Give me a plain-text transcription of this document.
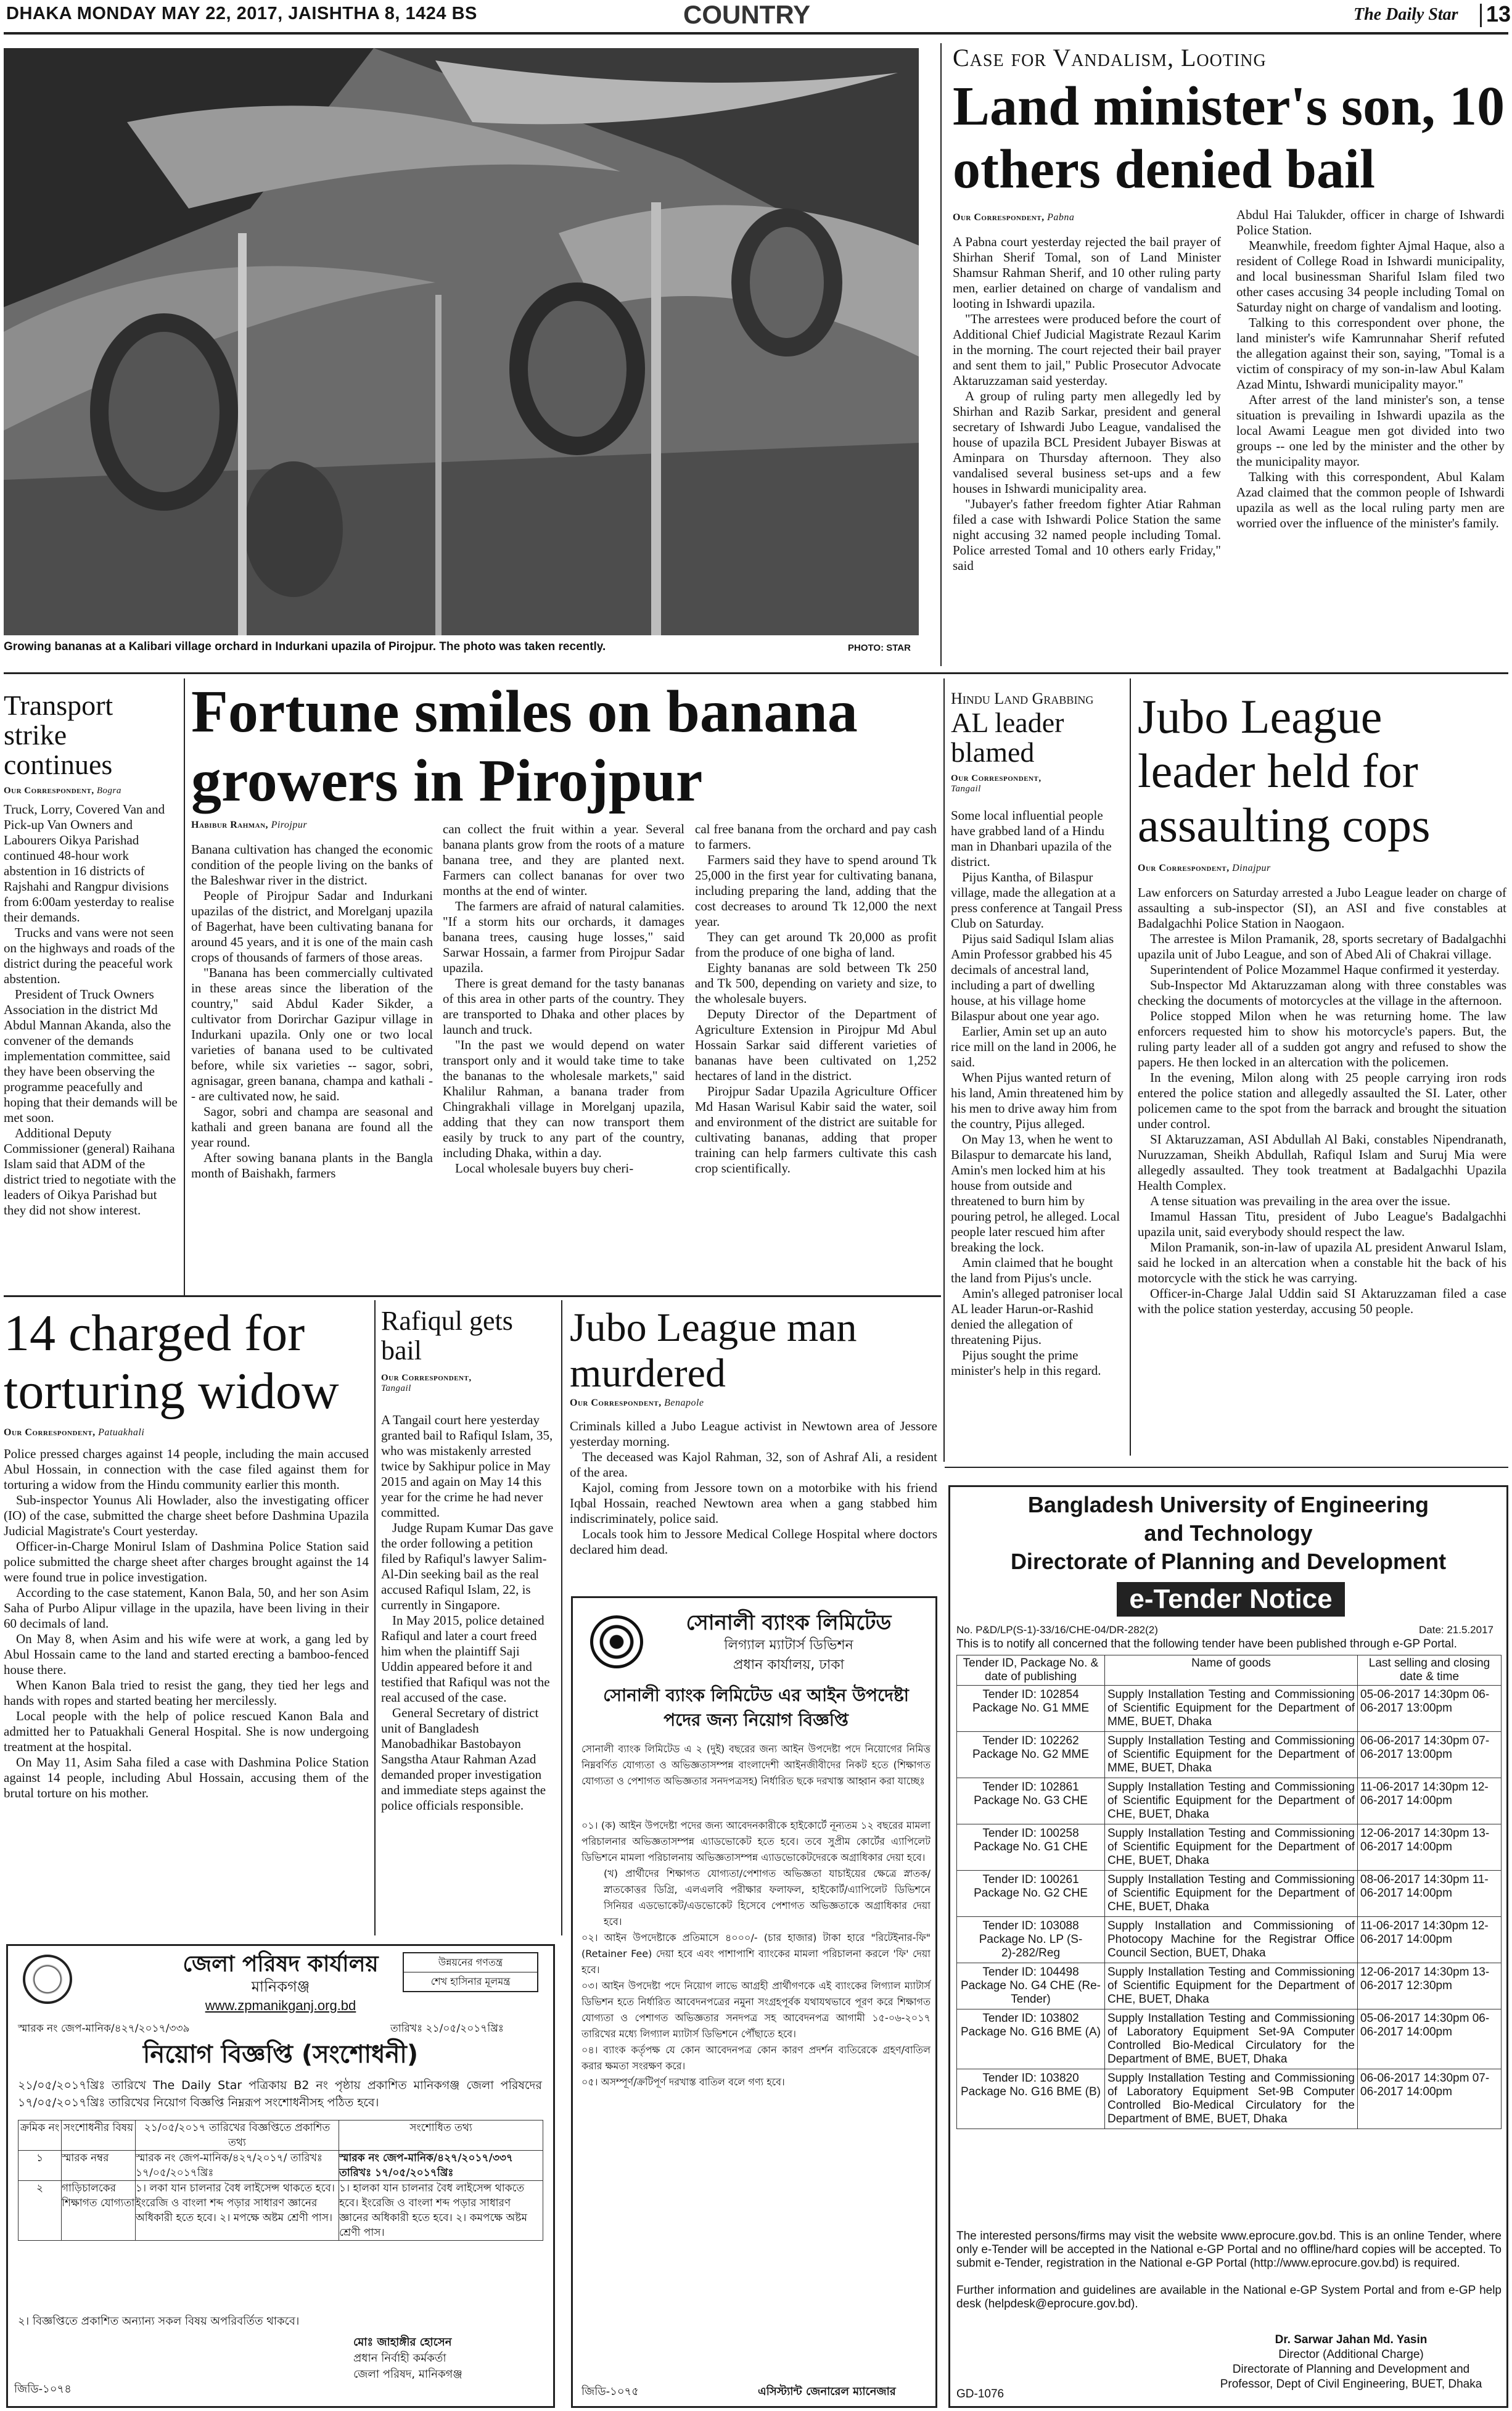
DHAKA MONDAY MAY 22, 2017, JAISHTHA 8, 1424 BS	COUNTRY	The Daily Star 13
Growing bananas at a Kalibari village orchard in Indurkani upazila of Pirojpur. The photo was taken recently.	PHOTO: STAR
Case for Vandalism, Looting
Land minister's son, 10 others denied bail
Our Correspondent, Pabna

A Pabna court yesterday rejected the bail prayer of Shirhan Sherif Tomal, son of Land Minister Shamsur Rahman Sherif, and 10 other ruling party men, earlier detained on charge of vandalism and looting in Ishwardi upazila.

"The arrestees were produced before the court of Additional Chief Judicial Magistrate Rezaul Karim in the morning. The court rejected their bail prayer and sent them to jail," Public Prosecutor Advocate Aktaruzzaman said yesterday.

A group of ruling party men allegedly led by Shirhan and Razib Sarkar, president and general secretary of Ishwardi Jubo League, vandalised the house of upazila BCL President Jubayer Biswas at Aminpara on Thursday afternoon. They also vandalised several business set-ups and a few houses in Ishwardi municipality area.

"Jubayer's father freedom fighter Atiar Rahman filed a case with Ishwardi Police Station the same night accusing 32 named people including Tomal. Police arrested Tomal and 10 others early Friday," said

Abdul Hai Talukder, officer in charge of Ishwardi Police Station.

Meanwhile, freedom fighter Ajmal Haque, also a resident of College Road in Ishwardi municipality, and local businessman Shariful Islam filed two other cases accusing 34 people including Tomal on Saturday night on charge of vandalism and looting.

Talking to this correspondent over phone, the land minister's wife Kamrunnahar Sherif refuted the allegation against their son, saying, "Tomal is a victim of conspiracy of my son-in-law Abul Kalam Azad Mintu, Ishwardi municipality mayor."

After arrest of the land minister's son, a tense situation is prevailing in Ishwardi upazila as the local Awami League men got divided into two groups -- one led by the minister and the other by the municipality mayor.

Talking with this correspondent, Abul Kalam Azad claimed that the common people of Ishwardi upazila as well as the local ruling party men are worried over the influence of the minister's family.

Transport strike continues
Our Correspondent, Bogra

Truck, Lorry, Covered Van and Pick-up Van Owners and Labourers Oikya Parishad continued 48-hour work abstention in 16 districts of Rajshahi and Rangpur divisions from 6:00am yesterday to realise their demands.

Trucks and vans were not seen on the highways and roads of the district during the peaceful work abstention.

President of Truck Owners Association in the district Md Abdul Mannan Akanda, also the convener of the demands implementation committee, said they have been observing the programme peacefully and hoping that their demands will be met soon.

Additional Deputy Commissioner (general) Raihana Islam said that ADM of the district tried to negotiate with the leaders of Oikya Parishad but they did not show interest.

Fortune smiles on banana growers in Pirojpur
Habibur Rahman, Pirojpur

Banana cultivation has changed the economic condition of the people living on the banks of the Baleshwar river in the district.

People of Pirojpur Sadar and Indurkani upazilas of the district, and Morelganj upazila of Bagerhat, have been cultivating banana for around 45 years, and it is one of the main cash crops of thousands of farmers of those areas.

"Banana has been commercially cultivated in these areas since the liberation of the country," said Abdul Kader Sikder, a cultivator from Dorirchar Gazipur village in Indurkani upazila. Only one or two local varieties of banana used to be cultivated before, while six varieties -- sagor, sobri, agnisagar, green banana, champa and kathali -- are cultivated now, he said.

Sagor, sobri and champa are seasonal and kathali and green banana are found all the year round.

After sowing banana plants in the Bangla month of Baishakh, farmers

can collect the fruit within a year. Several banana plants grow from the roots of a mature banana tree, and they are planted next. Farmers can collect bananas for over two months at the end of winter.

The farmers are afraid of natural calamities. "If a storm hits our orchards, it damages banana trees, causing huge losses," said Sarwar Hossain, a farmer from Pirojpur Sadar upazila.

There is great demand for the tasty bananas of this area in other parts of the country. They are transported to Dhaka and other places by launch and truck.

"In the past we would depend on water transport only and it would take time to take the bananas to the wholesale markets," said Khalilur Rahman, a banana trader from Chingrakhali village in Morelganj upazila, adding that they can now transport them easily by truck to any part of the country, including Dhaka, within a day.

Local wholesale buyers buy cheri-

cal free banana from the orchard and pay cash to farmers.

Farmers said they have to spend around Tk 25,000 in the first year for cultivating banana, including preparing the land, adding that the cost decreases to around Tk 12,000 the next year.

They can get around Tk 20,000 as profit from the produce of one bigha of land.

Eighty bananas are sold between Tk 250 and Tk 500, depending on variety and size, to the wholesale buyers.

Deputy Director of the Department of Agriculture Extension in Pirojpur Md Abul Hossain Sarkar said different varieties of bananas have been cultivated on 1,252 hectares of land in the district.

Pirojpur Sadar Upazila Agriculture Officer Md Hasan Warisul Kabir said the water, soil and environment of the district are suitable for cultivating bananas, adding that proper training can help farmers cultivate this cash crop scientifically.

Hindu Land Grabbing
AL leader blamed
Our Correspondent,
Tangail

Some local influential people have grabbed land of a Hindu man in Dhanbari upazila of the district.

Pijus Kantha, of Bilaspur village, made the allegation at a press conference at Tangail Press Club on Saturday.

Pijus said Sadiqul Islam alias Amin Professor grabbed his 45 decimals of ancestral land, including a part of dwelling house, at his village home Bilaspur about one year ago.

Earlier, Amin set up an auto rice mill on the land in 2006, he said.

When Pijus wanted return of his land, Amin threatened him by his men to drive away him from the country, Pijus alleged.

On May 13, when he went to Bilaspur to demarcate his land, Amin's men locked him at his house from outside and threatened to burn him by pouring petrol, he alleged. Local people later rescued him after breaking the lock.

Amin claimed that he bought the land from Pijus's uncle.

Amin's alleged patroniser local AL leader Harun-or-Rashid denied the allegation of threatening Pijus.

Pijus sought the prime minister's help in this regard.

Jubo League leader held for assaulting cops
Our Correspondent, Dinajpur

Law enforcers on Saturday arrested a Jubo League leader on charge of assaulting a sub-inspector (SI), an ASI and five constables at Badalgachhi Police Station in Naogaon.

The arrestee is Milon Pramanik, 28, sports secretary of Badalgachhi upazila unit of Jubo League, and son of Abed Ali of Chakrai village.

Superintendent of Police Mozammel Haque confirmed it yesterday.

Sub-Inspector Md Aktaruzzaman along with three constables was checking the documents of motorcycles at the village in the afternoon.

Police stopped Milon when he was returning home. The law enforcers requested him to show his motorcycle's papers. But, the ruling party leader all of a sudden got angry and refused to show the papers. He then locked in an altercation with the policemen.

In the evening, Milon along with 25 people carrying iron rods entered the police station and allegedly assaulted the SI. Later, other policemen came to the spot from the barrack and brought the situation under control.

SI Aktaruzzaman, ASI Abdullah Al Baki, constables Nipendranath, Nuruzzaman, Sheikh Abdullah, Rafiqul Islam and Suruj Mia were allegedly assaulted. They took treatment at Badalgachhi Upazila Health Complex.

A tense situation was prevailing in the area over the issue.

Imamul Hassan Titu, president of Jubo League's Badalgachhi upazila unit, said everybody should respect the law.

Milon Pramanik, son-in-law of upazila AL president Anwarul Islam, said he locked in an altercation when a constable hit the back of his motorcycle with the stick he was carrying.

Officer-in-Charge Jalal Uddin said SI Aktaruzzaman filed a case with the police station yesterday, accusing 50 people.

14 charged for torturing widow
Our Correspondent, Patuakhali

Police pressed charges against 14 people, including the main accused Abul Hossain, in connection with the case filed against them for torturing a widow from the Hindu community earlier this month.

Sub-inspector Younus Ali Howlader, also the investigating officer (IO) of the case, submitted the charge sheet before Dashmina Upazila Judicial Magistrate's Court yesterday.

Officer-in-Charge Monirul Islam of Dashmina Police Station said police submitted the charge sheet after charges brought against the 14 were found true in police investigation.

According to the case statement, Kanon Bala, 50, and her son Asim Saha of Purbo Alipur village in the upazila, have been living in their 60 decimals of land.

On May 8, when Asim and his wife were at work, a gang led by Abul Hossain came to the land and started erecting a bamboo-fenced house there.

When Kanon Bala tried to resist the gang, they tied her legs and hands with ropes and started beating her mercilessly.

Local people with the help of police rescued Kanon Bala and admitted her to Patuakhali General Hospital. She is now undergoing treatment at the hospital.

On May 11, Asim Saha filed a case with Dashmina Police Station against 14 people, including Abul Hossain, accusing them of the brutal torture on his mother.

Rafiqul gets bail
Our Correspondent,
Tangail

A Tangail court here yesterday granted bail to Rafiqul Islam, 35, who was mistakenly arrested twice by Sakhipur police in May 2015 and again on May 14 this year for the crime he had never committed.

Judge Rupam Kumar Das gave the order following a petition filed by Rafiqul's lawyer Salim-Al-Din seeking bail as the real accused Rafiqul Islam, 22, is currently in Singapore.

In May 2015, police detained Rafiqul and later a court freed him when the plaintiff Saji Uddin appeared before it and testified that Rafiqul was not the real accused of the case.

General Secretary of district unit of Bangladesh Manobadhikar Bastobayon Sangstha Ataur Rahman Azad demanded proper investigation and immediate steps against the police officials responsible.

Jubo League man murdered
Our Correspondent, Benapole

Criminals killed a Jubo League activist in Newtown area of Jessore yesterday morning.

The deceased was Kajol Rahman, 32, son of Ashraf Ali, a resident of the area.

Kajol, coming from Jessore town on a motorbike with his friend Iqbal Hossain, reached Newtown area when a gang stabbed him indiscriminately, police said.

Locals took him to Jessore Medical College Hospital where doctors declared him dead.

জেলা পরিষদ কার্যালয়
মানিকগঞ্জ
www.zpmanikganj.org.bd
উন্নয়নের গণতন্ত্র
শেখ হাসিনার মূলমন্ত্র
স্মারক নং জেপ-মানিক/৪২৭/২০১৭/৩৩৯	তারিখঃ ২১/০৫/২০১৭খ্রিঃ
নিয়োগ বিজ্ঞপ্তি (সংশোধনী)
২১/০৫/২০১৭খ্রিঃ তারিখে The Daily Star পত্রিকায় B2 নং পৃষ্ঠায় প্রকাশিত মানিকগঞ্জ জেলা পরিষদের ১৭/০৫/২০১৭খ্রিঃ তারিখের নিয়োগ বিজ্ঞপ্তি নিম্নরূপ সংশোধনীসহ পঠিত হবে।
ক্রমিক নং	সংশোধনীর বিষয়	২১/০৫/২০১৭ তারিখের বিজ্ঞপ্তিতে প্রকাশিত তথ্য	সংশোধিত তথ্য
১	স্মারক নম্বর	স্মারক নং জেপ-মানিক/৪২৭/২০১৭/ তারিখঃ ১৭/০৫/২০১৭খ্রিঃ	স্মারক নং জেপ-মানিক/৪২৭/২০১৭/৩৩৭ তারিখঃ ১৭/০৫/২০১৭খ্রিঃ
২	গাড়িচালকের শিক্ষাগত যোগ্যতা	১। লকা যান চালনার বৈধ লাইসেন্স থাকতে হবে। ইংরেজি ও বাংলা শব্দ পড়ার সাধারণ জ্ঞানের অধিকারী হতে হবে। ২। মপক্ষে অষ্টম শ্রেণী পাস।	১। হালকা যান চালনার বৈধ লাইসেন্স থাকতে হবে। ইংরেজি ও বাংলা শব্দ পড়ার সাধারণ জ্ঞানের অধিকারী হতে হবে। ২। কমপক্ষে অষ্টম শ্রেণী পাস।
২। বিজ্ঞপ্তিতে প্রকাশিত অন্যান্য সকল বিষয় অপরিবর্তিত থাকবে।
মোঃ জাহাঙ্গীর হোসেন
প্রধান নির্বাহী কর্মকর্তা
জেলা পরিষদ, মানিকগঞ্জ
জিডি-১০৭৪
সোনালী ব্যাংক লিমিটেড
লিগ্যাল ম্যাটার্স ডিভিশন
প্রধান কার্যালয়, ঢাকা
সোনালী ব্যাংক লিমিটেড এর আইন উপদেষ্টা পদের জন্য নিয়োগ বিজ্ঞপ্তি
সোনালী ব্যাংক লিমিটেড এ ২ (দুই) বছরের জন্য আইন উপদেষ্টা পদে নিয়োগের নিমিত্ত নিম্নবর্ণিত যোগ্যতা ও অভিজ্ঞতাসম্পন্ন বাংলাদেশী আইনজীবীদের নিকট হতে (শিক্ষাগত যোগ্যতা ও পেশাগত অভিজ্ঞতার সনদপত্রসহ) নির্ধারিত ছকে দরখাস্ত আহ্বান করা যাচ্ছেঃ

০১। (ক) আইন উপদেষ্টা পদের জন্য আবেদনকারীকে হাইকোর্টে নূন্যতম ১২ বছরের মামলা পরিচালনার অভিজ্ঞতাসম্পন্ন এ্যাডভোকেট হতে হবে। তবে সুপ্রীম কোর্টের এ্যাপিলেট ডিভিশনে মামলা পরিচালনায় অভিজ্ঞতাসম্পন্ন এ্যাডভোকেটদেরকে অগ্রাধিকার দেয়া হবে।

(খ) প্রার্থীদের শিক্ষাগত যোগ্যতা/পেশাগত অভিজ্ঞতা যাচাইয়ের ক্ষেত্রে স্নাতক/স্নাতকোত্তর ডিগ্রি, এলএলবি পরীক্ষার ফলাফল, হাইকোর্ট/এ্যাপিলেট ডিভিশনে সিনিয়র এডভোকেট/এডভোকেট হিসেবে পেশাগত অভিজ্ঞতাকে অগ্রাধিকার দেয়া হবে।

০২। আইন উপদেষ্টাকে প্রতিমাসে ৪০০০/- (চার হাজার) টাকা হারে "রিটেইনার-ফি" (Retainer Fee) দেয়া হবে এবং পাশাপাশি ব্যাংকের মামলা পরিচালনা করলে 'ফি' দেয়া হবে।

০৩। আইন উপদেষ্টা পদে নিয়োগ লাভে আগ্রহী প্রার্থীগণকে এই ব্যাংকের লিগ্যাল ম্যাটার্স ডিভিশন হতে নির্ধারিত আবেদনপত্রের নমুনা সংগ্রহপূর্বক যথাযথভাবে পূরণ করে শিক্ষাগত যোগ্যতা ও পেশাগত অভিজ্ঞতার সনদপত্র সহ আবেদনপত্র আগামী ১৫-০৬-২০১৭ তারিখের মধ্যে লিগ্যাল ম্যাটার্স ডিভিশনে পৌঁছাতে হবে।

০৪। ব্যাংক কর্তৃপক্ষ যে কোন আবেদনপত্র কোন কারণ প্রদর্শন ব্যতিরেকে গ্রহণ/বাতিল করার ক্ষমতা সংরক্ষণ করে।

০৫। অসম্পূর্ণ/ক্রটিপূর্ণ দরখাস্ত বাতিল বলে গণ্য হবে।

এসিস্ট্যান্ট জেনারেল ম্যানেজার
জিডি-১০৭৫
Bangladesh University of Engineering
and Technology
Directorate of Planning and Development
e-Tender Notice
No. P&D/LP(S-1)-33/16/CHE-04/DR-282(2)	Date: 21.5.2017
This is to notify all concerned that the following tender have been published through e-GP Portal.
Tender ID, Package No. & date of publishing	Name of goods	Last selling and closing date & time
Tender ID: 102854 Package No. G1 MME	Supply Installation Testing and Commissioning of Scientific Equipment for the Department of MME, BUET, Dhaka	05-06-2017 14:30pm 06-06-2017 13:00pm
Tender ID: 102262 Package No. G2 MME	Supply Installation Testing and Commissioning of Scientific Equipment for the Department of MME, BUET, Dhaka	06-06-2017 14:30pm 07-06-2017 13:00pm
Tender ID: 102861 Package No. G3 CHE	Supply Installation Testing and Commissioning of Scientific Equipment for the Department of CHE, BUET, Dhaka	11-06-2017 14:30pm 12-06-2017 14:00pm
Tender ID: 100258 Package No. G1 CHE	Supply Installation Testing and Commissioning of Scientific Equipment for the Department of CHE, BUET, Dhaka	12-06-2017 14:30pm 13-06-2017 14:00pm
Tender ID: 100261 Package No. G2 CHE	Supply Installation Testing and Commissioning of Scientific Equipment for the Department of CHE, BUET, Dhaka	08-06-2017 14:30pm 11-06-2017 14:00pm
Tender ID: 103088 Package No. LP (S-2)-282/Reg	Supply Installation and Commissioning of Photocopy Machine for the Registrar Office Council Section, BUET, Dhaka	11-06-2017 14:30pm 12-06-2017 14:00pm
Tender ID: 104498 Package No. G4 CHE (Re-Tender)	Supply Installation Testing and Commissioning of Scientific Equipment for the Department of CHE, BUET, Dhaka	12-06-2017 14:30pm 13-06-2017 12:30pm
Tender ID: 103802 Package No. G16 BME (A)	Supply Installation Testing and Commissioning of Laboratory Equipment Set-9A Computer Controlled Bio-Medical Circulatory for the Department of BME, BUET, Dhaka	05-06-2017 14:30pm 06-06-2017 14:00pm
Tender ID: 103820 Package No. G16 BME (B)	Supply Installation Testing and Commissioning of Laboratory Equipment Set-9B Computer Controlled Bio-Medical Circulatory for the Department of BME, BUET, Dhaka	06-06-2017 14:30pm 07-06-2017 14:00pm
The interested persons/firms may visit the website www.eprocure.gov.bd. This is an online Tender, where only e-Tender will be accepted in the National e-GP Portal and no offline/hard copies will be accepted. To submit e-Tender, registration in the National e-GP Portal (http://www.eprocure.gov.bd) is required.
Further information and guidelines are available in the National e-GP System Portal and from e-GP help desk (helpdesk@eprocure.gov.bd).
Dr. Sarwar Jahan Md. Yasin
Director (Additional Charge)
Directorate of Planning and Development and
Professor, Dept of Civil Engineering, BUET, Dhaka
GD-1076
